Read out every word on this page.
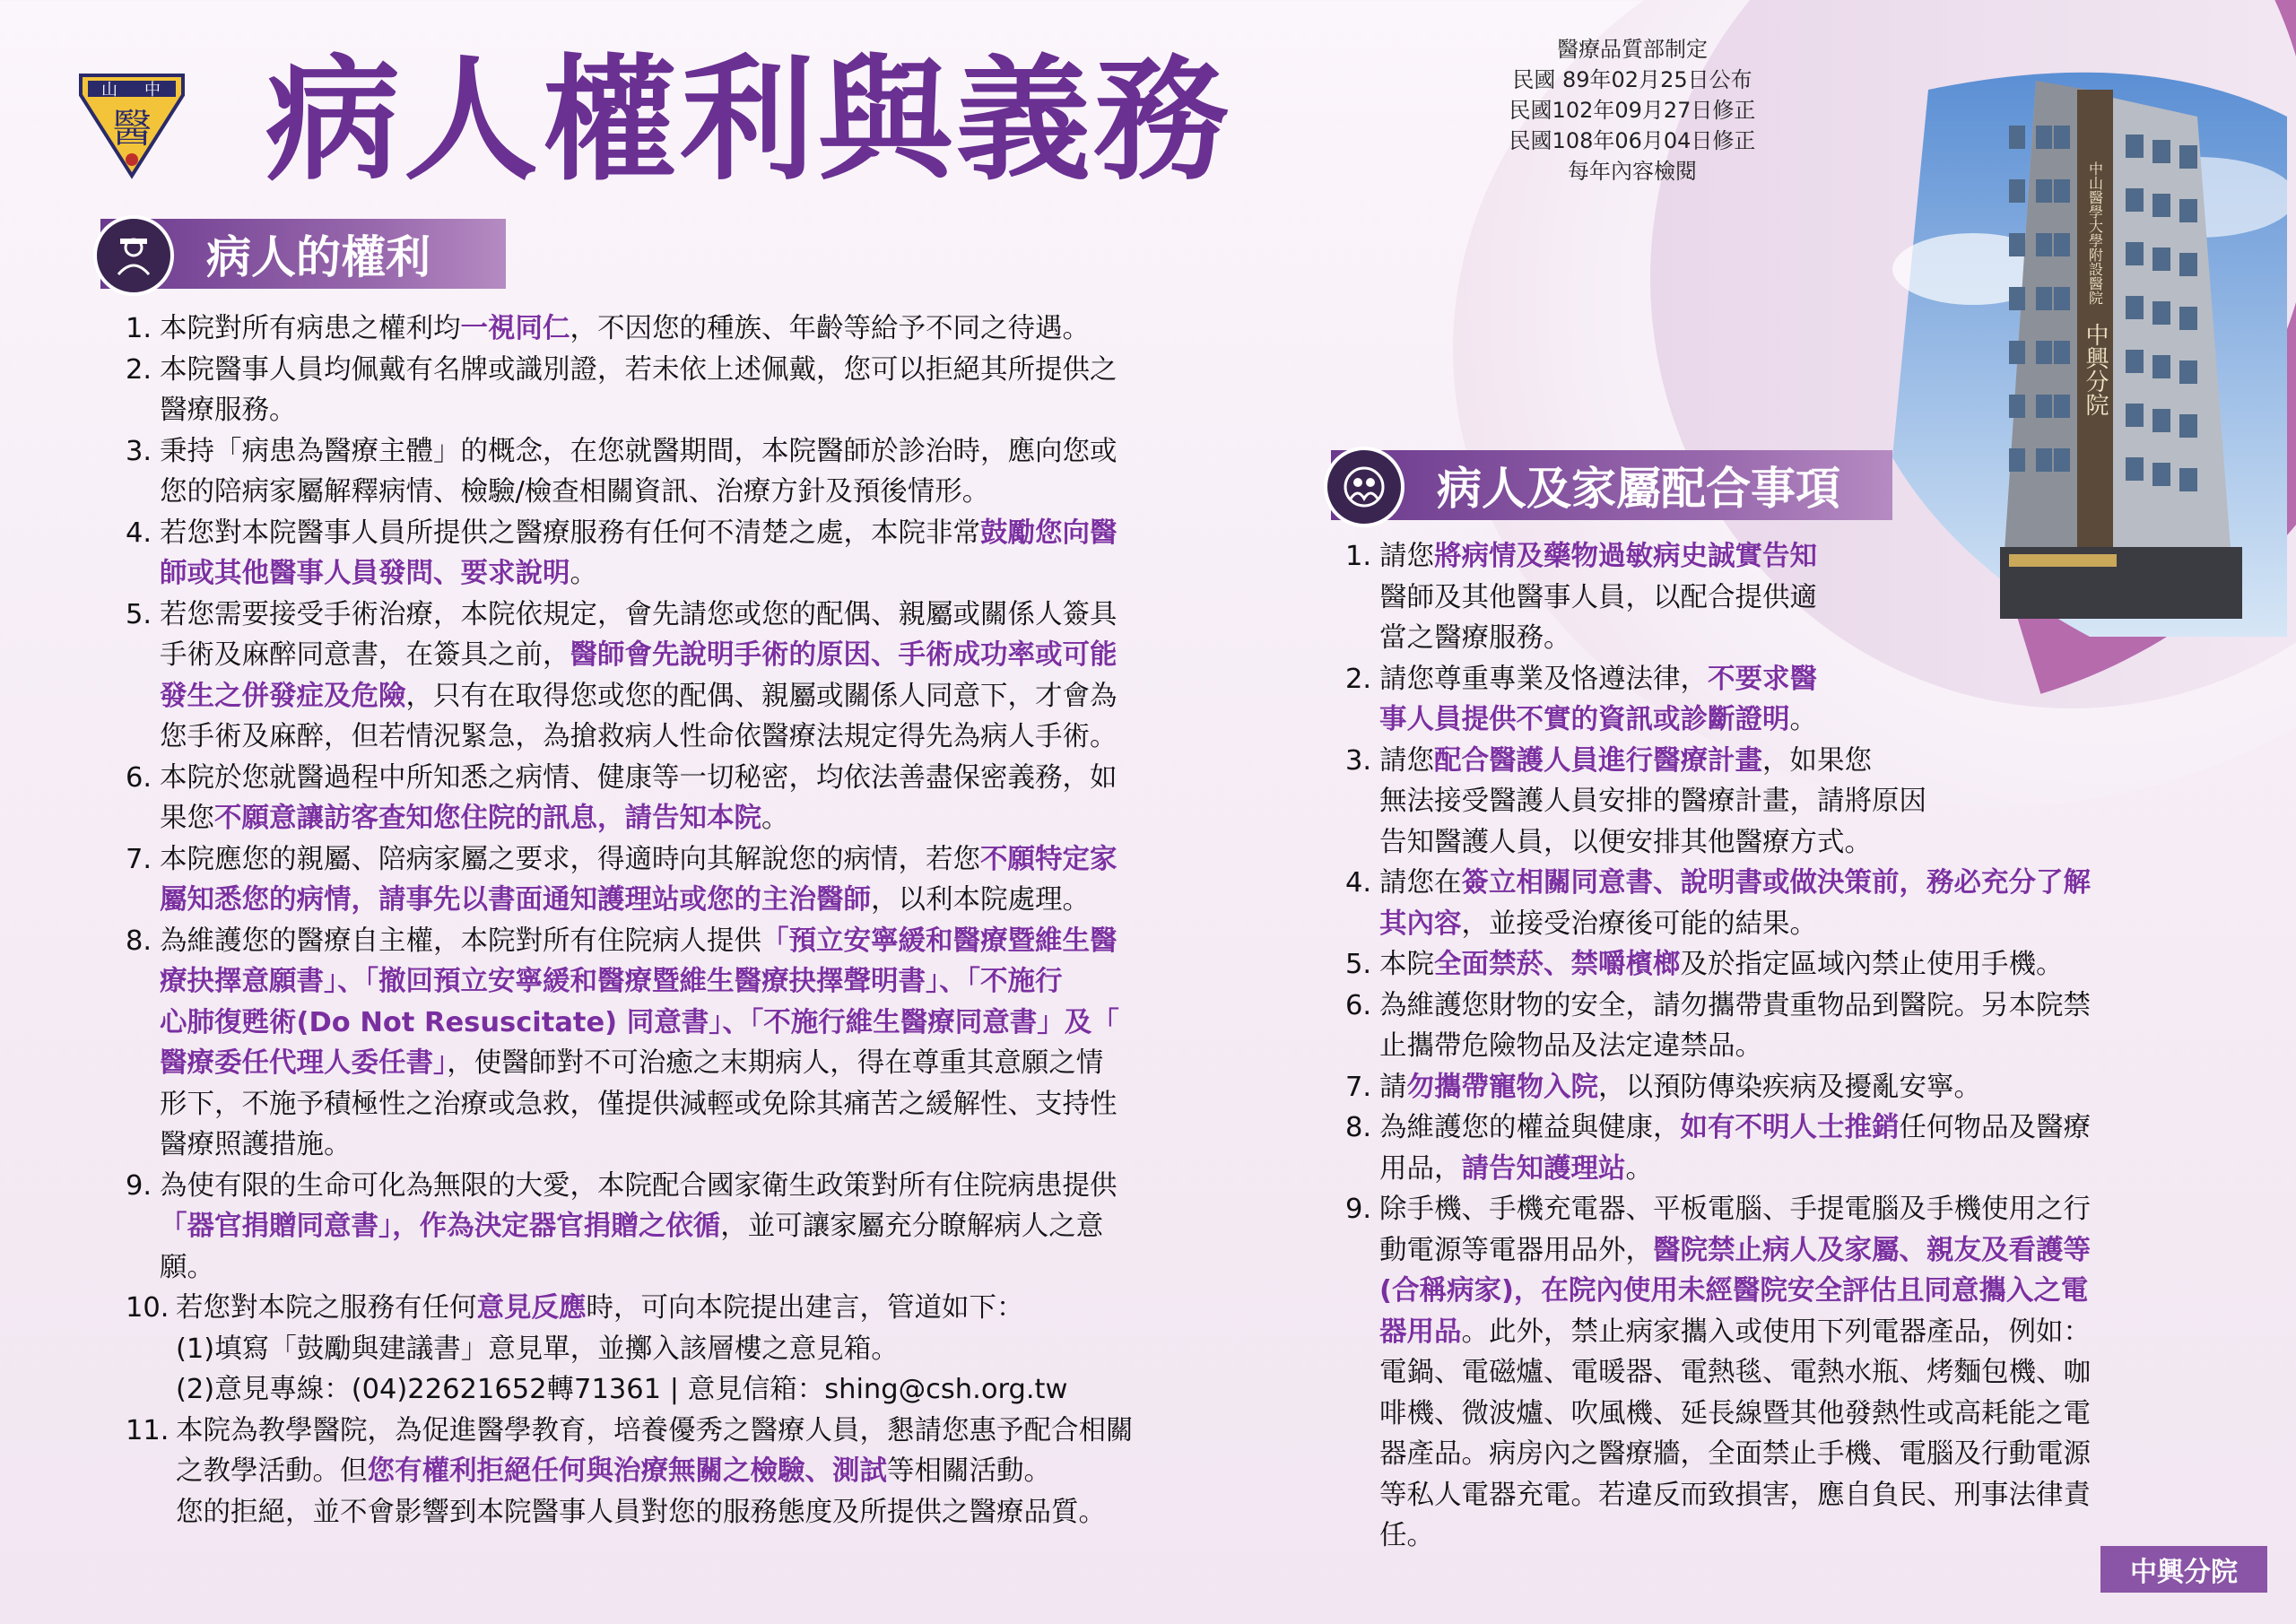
山 中
醫 病人權利與義務	醫療品質部制定
民國 89年02月25日公布
民國102年09月27日修正
民國108年06月04日修正
每年內容檢閱	中山醫學大學附設醫院
中興分院
病人的權利
1. 本院對所有病患之權利均一視同仁，不因您的種族、年齡等給予不同之待遇。
2. 本院醫事人員均佩戴有名牌或識別證，若未依上述佩戴，您可以拒絕其所提供之
醫療服務。
3. 秉持「病患為醫療主體」的概念，在您就醫期間，本院醫師於診治時，應向您或
您的陪病家屬解釋病情、檢驗/檢查相關資訊、治療方針及預後情形。
4. 若您對本院醫事人員所提供之醫療服務有任何不清楚之處，本院非常鼓勵您向醫
師或其他醫事人員發問、要求說明。
5. 若您需要接受手術治療，本院依規定，會先請您或您的配偶、親屬或關係人簽具
手術及麻醉同意書，在簽具之前，醫師會先說明手術的原因、手術成功率或可能
發生之併發症及危險，只有在取得您或您的配偶、親屬或關係人同意下，才會為
您手術及麻醉，但若情況緊急，為搶救病人性命依醫療法規定得先為病人手術。
6. 本院於您就醫過程中所知悉之病情、健康等一切秘密，均依法善盡保密義務，如
果您不願意讓訪客查知您住院的訊息，請告知本院。
7. 本院應您的親屬、陪病家屬之要求，得適時向其解說您的病情，若您不願特定家
屬知悉您的病情，請事先以書面通知護理站或您的主治醫師，以利本院處理。
8. 為維護您的醫療自主權，本院對所有住院病人提供「預立安寧緩和醫療暨維生醫
療抉擇意願書」、「撤回預立安寧緩和醫療暨維生醫療抉擇聲明書」、「不施行
心肺復甦術(Do Not Resuscitate) 同意書」、「不施行維生醫療同意書」及「
醫療委任代理人委任書」，使醫師對不可治癒之末期病人，得在尊重其意願之情
形下，不施予積極性之治療或急救，僅提供減輕或免除其痛苦之緩解性、支持性
醫療照護措施。
9. 為使有限的生命可化為無限的大愛，本院配合國家衛生政策對所有住院病患提供
「器官捐贈同意書」，作為決定器官捐贈之依循，並可讓家屬充分瞭解病人之意
願。
10. 若您對本院之服務有任何意見反應時，可向本院提出建言，管道如下：
(1)填寫「鼓勵與建議書」意見單，並擲入該層樓之意見箱。
(2)意見專線：(04)22621652轉71361 | 意見信箱：shing@csh.org.tw
11. 本院為教學醫院，為促進醫學教育，培養優秀之醫療人員，懇請您惠予配合相關
之教學活動。但您有權利拒絕任何與治療無關之檢驗、測試等相關活動。
您的拒絕，並不會影響到本院醫事人員對您的服務態度及所提供之醫療品質。
病人及家屬配合事項
1. 請您將病情及藥物過敏病史誠實告知
醫師及其他醫事人員，以配合提供適
當之醫療服務。
2. 請您尊重專業及恪遵法律，不要求醫
事人員提供不實的資訊或診斷證明。
3. 請您配合醫護人員進行醫療計畫，如果您
無法接受醫護人員安排的醫療計畫，請將原因
告知醫護人員，以便安排其他醫療方式。
4. 請您在簽立相關同意書、說明書或做決策前，務必充分了解
其內容，並接受治療後可能的結果。
5. 本院全面禁菸、禁嚼檳榔及於指定區域內禁止使用手機。
6. 為維護您財物的安全，請勿攜帶貴重物品到醫院。另本院禁
止攜帶危險物品及法定違禁品。
7. 請勿攜帶寵物入院，以預防傳染疾病及擾亂安寧。
8. 為維護您的權益與健康，如有不明人士推銷任何物品及醫療
用品，請告知護理站。
9. 除手機、手機充電器、平板電腦、手提電腦及手機使用之行
動電源等電器用品外，醫院禁止病人及家屬、親友及看護等
(合稱病家)，在院內使用未經醫院安全評估且同意攜入之電
器用品。此外，禁止病家攜入或使用下列電器產品，例如：
電鍋、電磁爐、電暖器、電熱毯、電熱水瓶、烤麵包機、咖
啡機、微波爐、吹風機、延長線暨其他發熱性或高耗能之電
器產品。病房內之醫療牆，全面禁止手機、電腦及行動電源
等私人電器充電。若違反而致損害，應自負民、刑事法律責
任。
中興分院
